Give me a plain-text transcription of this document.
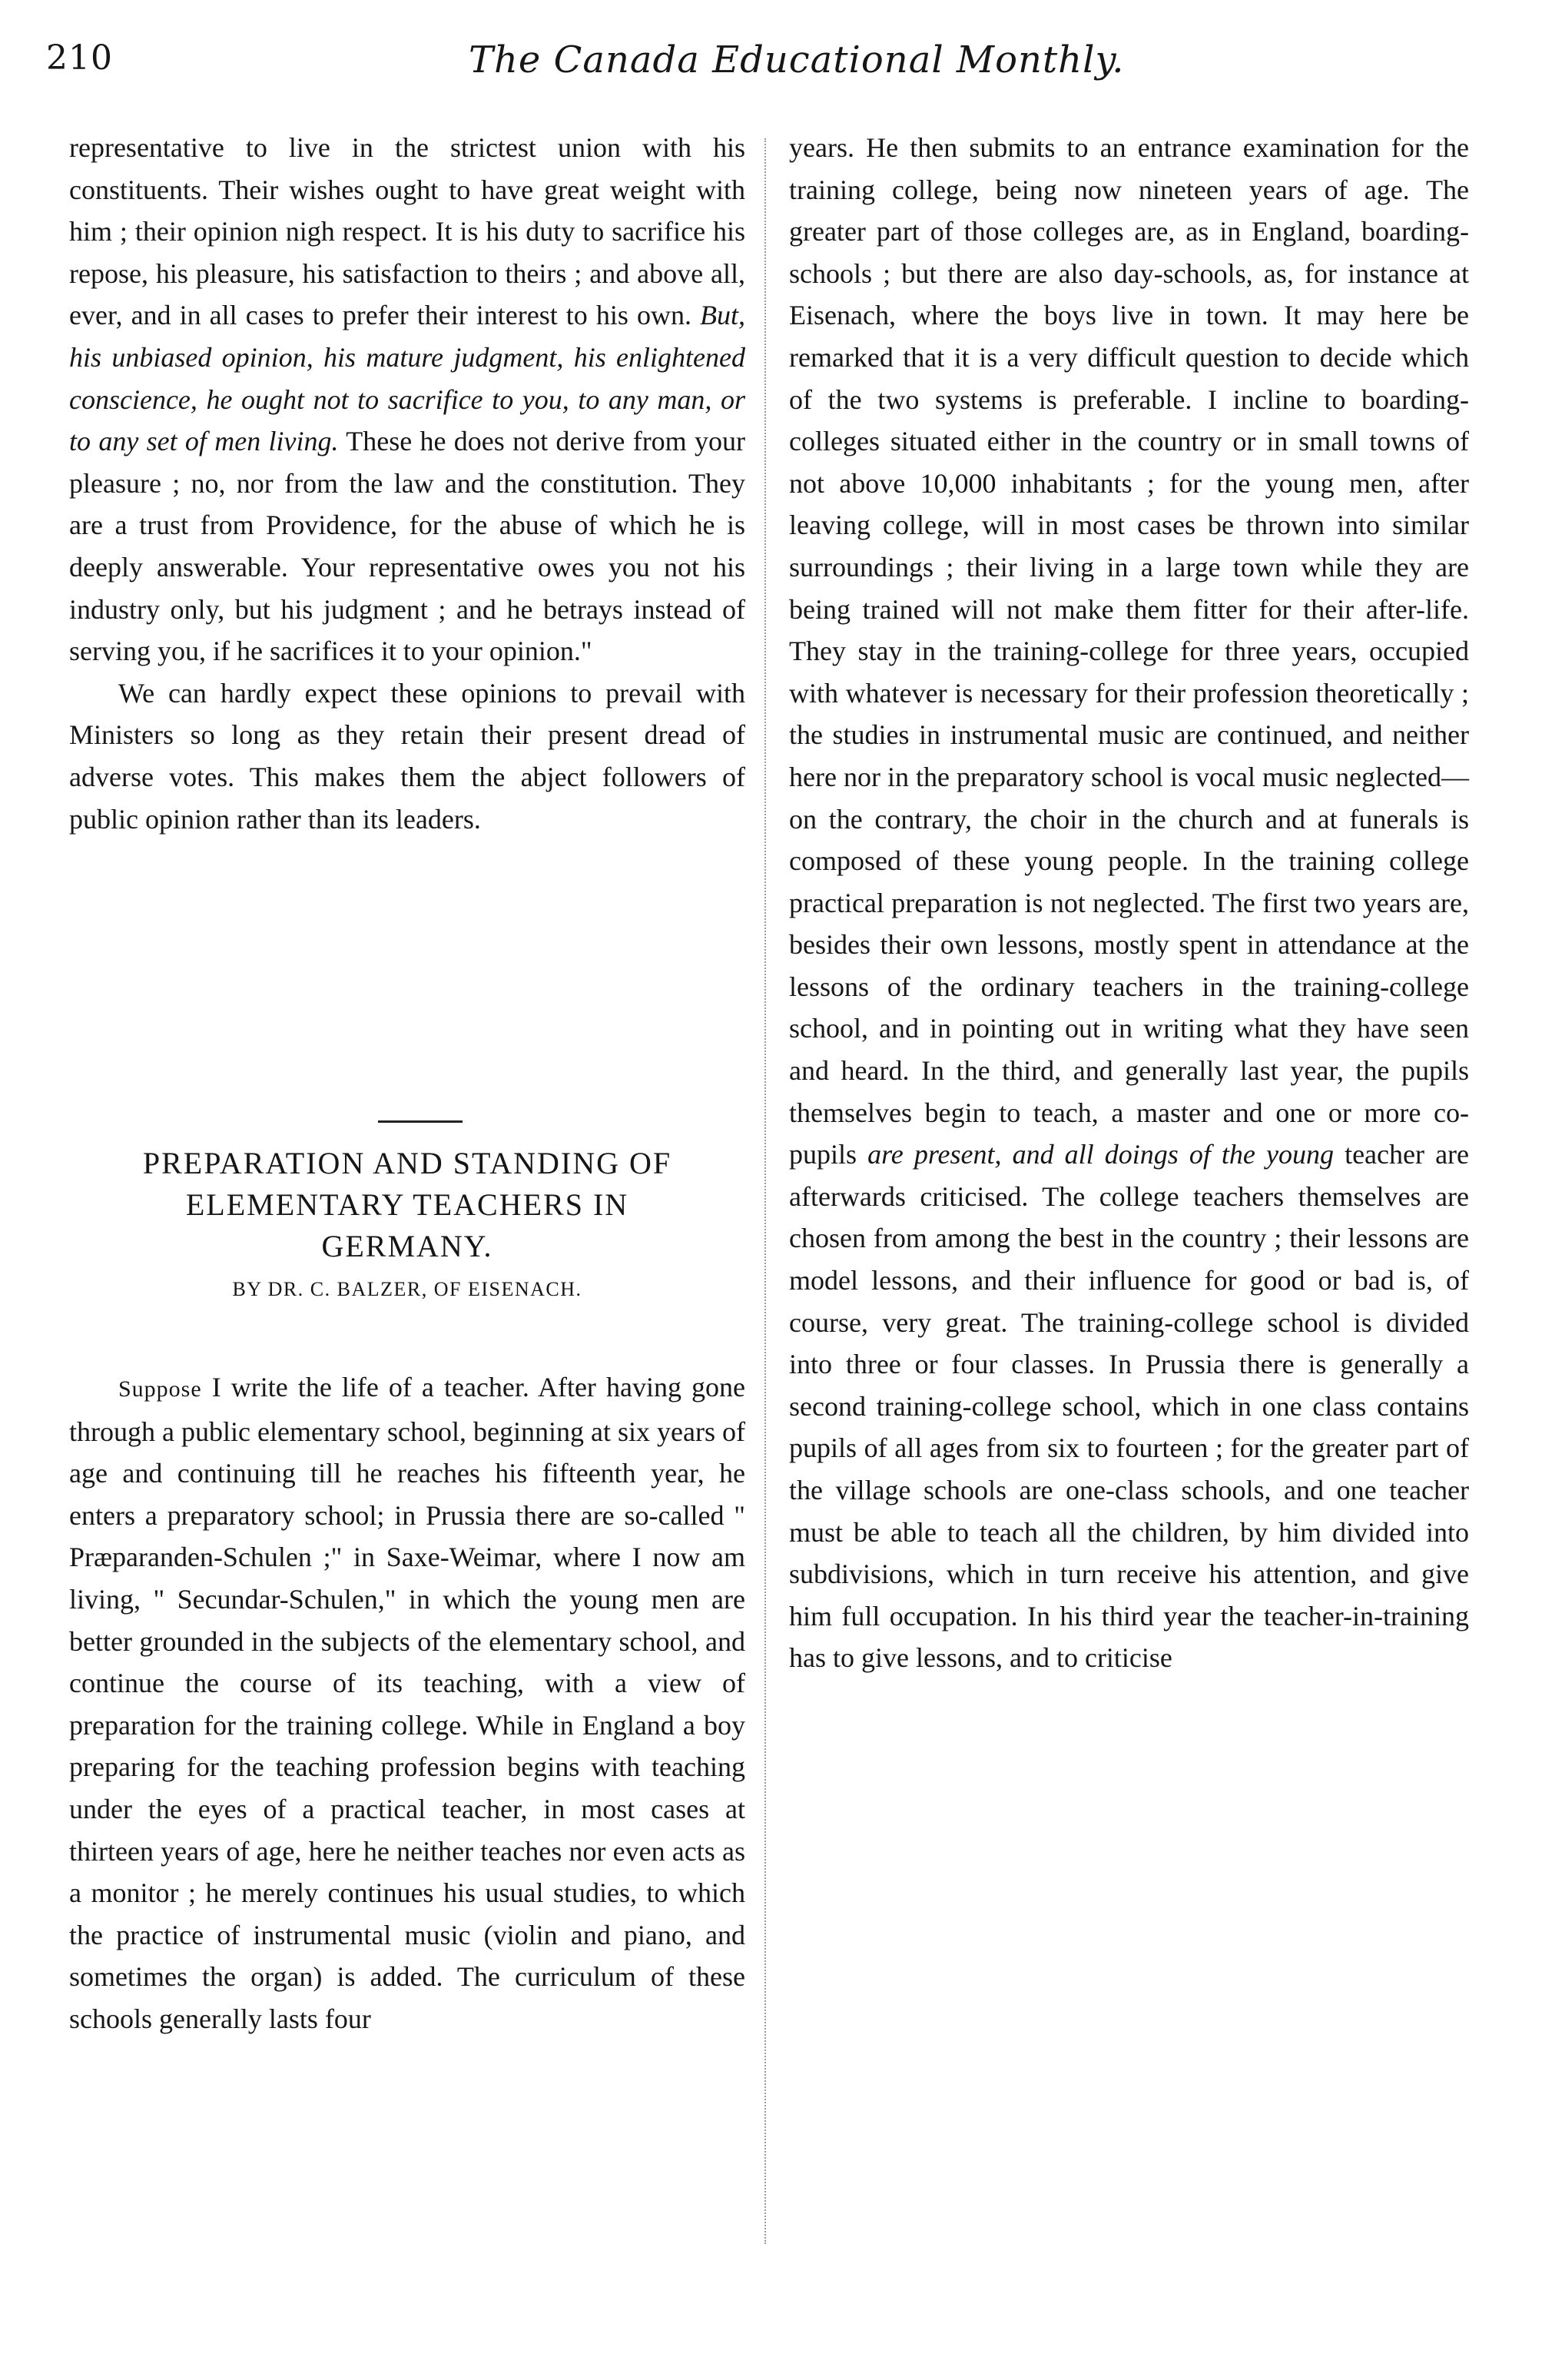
210	The Canada Educational Monthly.

representative to live in the strictest union with his constituents. Their wishes ought to have great weight with him ; their opinion nigh respect. It is his duty to sacrifice his repose, his pleasure, his satisfaction to theirs ; and above all, ever, and in all cases to prefer their interest to his own. But, his unbiased opinion, his mature judgment, his enlightened conscience, he ought not to sacrifice to you, to any man, or to any set of men living. These he does not derive from your pleasure ; no, nor from the law and the constitution. They are a trust from Providence, for the abuse of which he is deeply answerable. Your representative owes you not his industry only, but his judgment ; and he betrays instead of serving you, if he sacrifices it to your opinion."

We can hardly expect these opinions to prevail with Ministers so long as they retain their present dread of adverse votes. This makes them the abject followers of public opinion rather than its leaders.

PREPARATION AND STANDING OF
ELEMENTARY TEACHERS IN
GERMANY.
BY DR. C. BALZER, OF EISENACH.

Suppose I write the life of a teacher. After having gone through a public elementary school, beginning at six years of age and continuing till he reaches his fifteenth year, he enters a preparatory school; in Prussia there are so-called " Præparanden-Schulen ;" in Saxe-Weimar, where I now am living, " Secundar-Schulen," in which the young men are better grounded in the subjects of the elementary school, and continue the course of its teaching, with a view of preparation for the training college. While in England a boy preparing for the teaching profession begins with teaching under the eyes of a practical teacher, in most cases at thirteen years of age, here he neither teaches nor even acts as a monitor ; he merely continues his usual studies, to which the practice of instrumental music (violin and piano, and sometimes the organ) is added. The curriculum of these schools generally lasts four

years. He then submits to an entrance examination for the training college, being now nineteen years of age. The greater part of those colleges are, as in England, boarding-schools ; but there are also day-schools, as, for instance at Eisenach, where the boys live in town. It may here be remarked that it is a very difficult question to decide which of the two systems is preferable. I incline to boarding-colleges situated either in the country or in small towns of not above 10,000 inhabitants ; for the young men, after leaving college, will in most cases be thrown into similar surroundings ; their living in a large town while they are being trained will not make them fitter for their after-life. They stay in the training-college for three years, occupied with whatever is necessary for their profession theoretically ; the studies in instrumental music are continued, and neither here nor in the preparatory school is vocal music neglected—on the contrary, the choir in the church and at funerals is composed of these young people. In the training college practical preparation is not neglected. The first two years are, besides their own lessons, mostly spent in attendance at the lessons of the ordinary teachers in the training-college school, and in pointing out in writing what they have seen and heard. In the third, and generally last year, the pupils themselves begin to teach, a master and one or more co-pupils are present, and all doings of the young teacher are afterwards criticised. The college teachers themselves are chosen from among the best in the country ; their lessons are model lessons, and their influence for good or bad is, of course, very great. The training-college school is divided into three or four classes. In Prussia there is generally a second training-college school, which in one class contains pupils of all ages from six to fourteen ; for the greater part of the village schools are one-class schools, and one teacher must be able to teach all the children, by him divided into subdivisions, which in turn receive his attention, and give him full occupation. In his third year the teacher-in-training has to give lessons, and to criticise
